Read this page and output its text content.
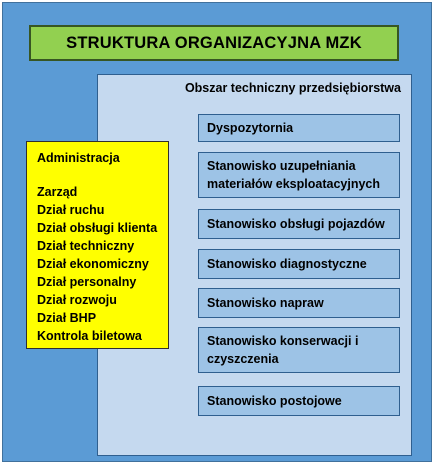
STRUKTURA ORGANIZACYJNA MZK
Obszar techniczny przedsiębiorstwa
Dyspozytornia
Stanowisko uzupełniania materiałów eksploatacyjnych
Stanowisko obsługi pojazdów
Stanowisko diagnostyczne
Stanowisko napraw
Stanowisko konserwacji i czyszczenia
Stanowisko postojowe
Administracja
Zarząd
Dział ruchu
Dział obsługi klienta
Dział techniczny
Dział ekonomiczny
Dział personalny
Dział rozwoju
Dział BHP
Kontrola biletowa
